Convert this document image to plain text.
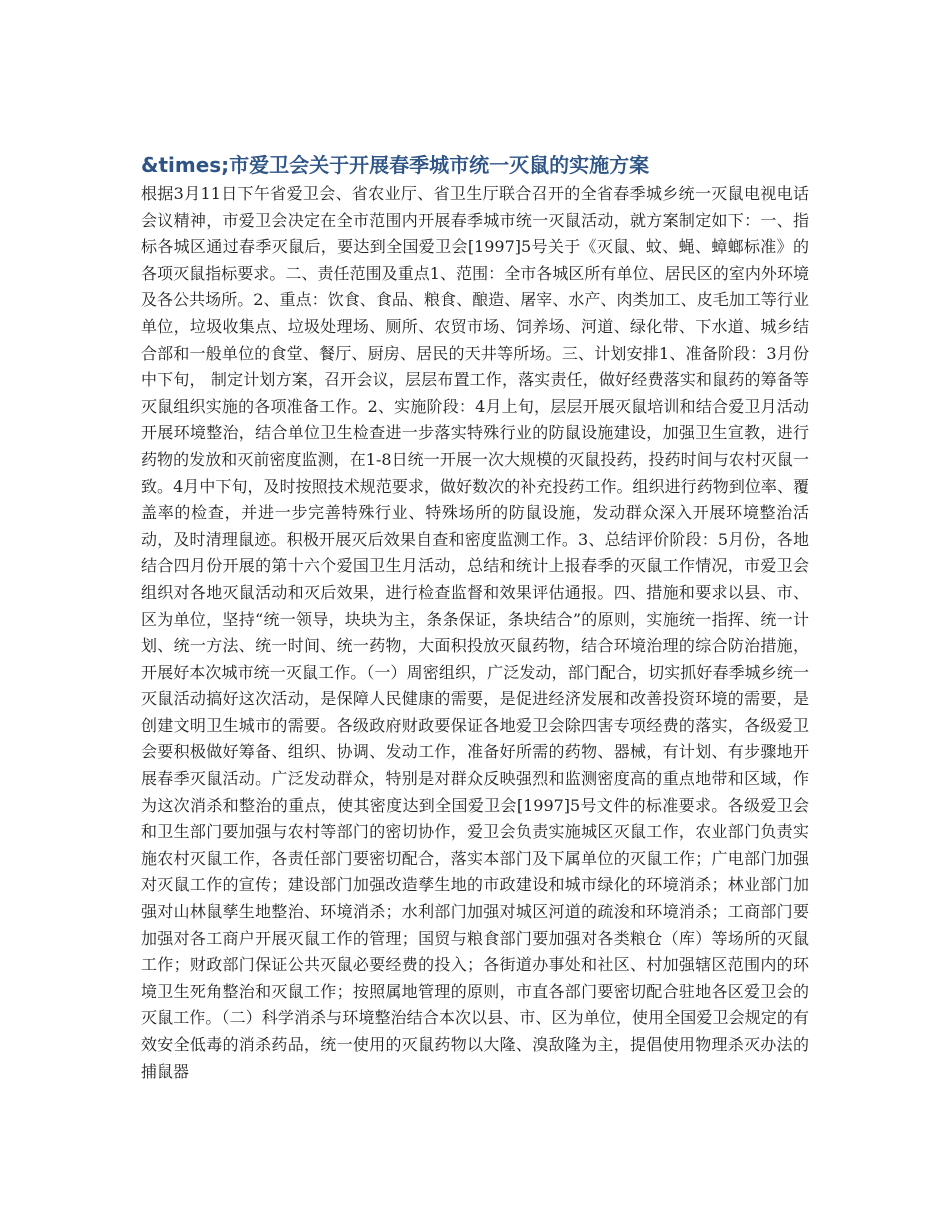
&times;市爱卫会关于开展春季城市统一灭鼠的实施方案

根据3月11日下午省爱卫会、省农业厅、省卫生厅联合召开的全省春季城乡统一灭鼠电视电话会议精神，市爱卫会决定在全市范围内开展春季城市统一灭鼠活动，就方案制定如下：一、指标各城区通过春季灭鼠后，要达到全国爱卫会[1997]5号关于《灭鼠、蚊、蝇、蟑螂标准》的各项灭鼠指标要求。二、责任范围及重点1、范围：全市各城区所有单位、居民区的室内外环境及各公共场所。2、重点：饮食、食品、粮食、酿造、屠宰、水产、肉类加工、皮毛加工等行业单位，垃圾收集点、垃圾处理场、厕所、农贸市场、饲养场、河道、绿化带、下水道、城乡结合部和一般单位的食堂、餐厅、厨房、居民的天井等所场。三、计划安排1、准备阶段：3月份中下旬， 制定计划方案，召开会议，层层布置工作，落实责任，做好经费落实和鼠药的筹备等灭鼠组织实施的各项准备工作。2、实施阶段：4月上旬，层层开展灭鼠培训和结合爱卫月活动开展环境整治，结合单位卫生检查进一步落实特殊行业的防鼠设施建设，加强卫生宣教，进行药物的发放和灭前密度监测，在1-8日统一开展一次大规模的灭鼠投药，投药时间与农村灭鼠一致。4月中下旬，及时按照技术规范要求，做好数次的补充投药工作。组织进行药物到位率、覆盖率的检查，并进一步完善特殊行业、特殊场所的防鼠设施，发动群众深入开展环境整治活动，及时清理鼠迹。积极开展灭后效果自查和密度监测工作。3、总结评价阶段：5月份，各地结合四月份开展的第十六个爱国卫生月活动，总结和统计上报春季的灭鼠工作情况，市爱卫会组织对各地灭鼠活动和灭后效果，进行检查监督和效果评估通报。四、措施和要求以县、市、区为单位，坚持“统一领导，块块为主，条条保证，条块结合”的原则，实施统一指挥、统一计划、统一方法、统一时间、统一药物，大面积投放灭鼠药物，结合环境治理的综合防治措施，开展好本次城市统一灭鼠工作。（一）周密组织，广泛发动，部门配合，切实抓好春季城乡统一灭鼠活动搞好这次活动，是保障人民健康的需要，是促进经济发展和改善投资环境的需要，是创建文明卫生城市的需要。各级政府财政要保证各地爱卫会除四害专项经费的落实，各级爱卫会要积极做好筹备、组织、协调、发动工作，准备好所需的药物、器械，有计划、有步骤地开展春季灭鼠活动。广泛发动群众，特别是对群众反映强烈和监测密度高的重点地带和区域，作为这次消杀和整治的重点，使其密度达到全国爱卫会[1997]5号文件的标准要求。各级爱卫会和卫生部门要加强与农村等部门的密切协作，爱卫会负责实施城区灭鼠工作，农业部门负责实施农村灭鼠工作，各责任部门要密切配合，落实本部门及下属单位的灭鼠工作；广电部门加强对灭鼠工作的宣传；建设部门加强改造孳生地的市政建设和城市绿化的环境消杀；林业部门加强对山林鼠孳生地整治、环境消杀；水利部门加强对城区河道的疏浚和环境消杀；工商部门要加强对各工商户开展灭鼠工作的管理；国贸与粮食部门要加强对各类粮仓（库）等场所的灭鼠工作；财政部门保证公共灭鼠必要经费的投入；各街道办事处和社区、村加强辖区范围内的环境卫生死角整治和灭鼠工作；按照属地管理的原则，市直各部门要密切配合驻地各区爱卫会的灭鼠工作。（二）科学消杀与环境整治结合本次以县、市、区为单位，使用全国爱卫会规定的有效安全低毒的消杀药品，统一使用的灭鼠药物以大隆、溴敌隆为主，提倡使用物理杀灭办法的捕鼠器
